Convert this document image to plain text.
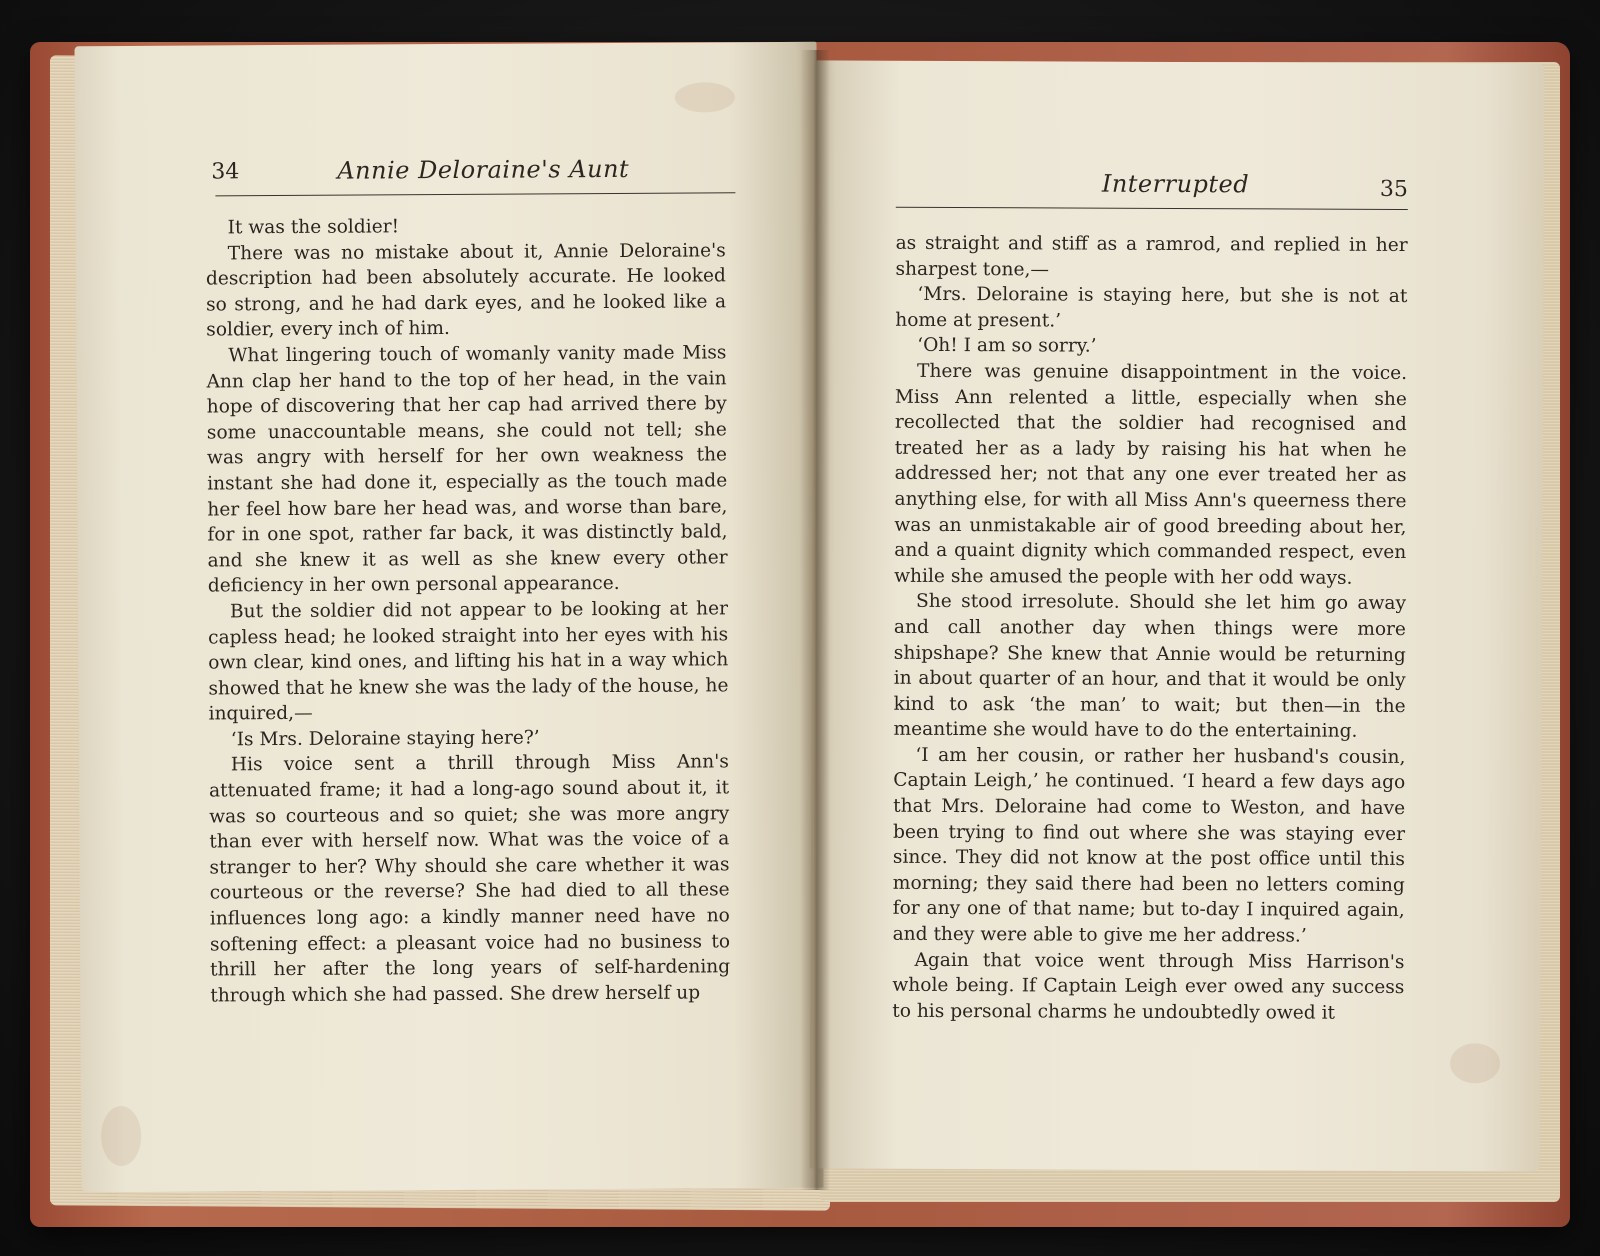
34	Annie Deloraine's Aunt

It was the soldier!

There was no mistake about it, Annie Deloraine's description had been absolutely accurate. He looked so strong, and he had dark eyes, and he looked like a soldier, every inch of him.

What lingering touch of womanly vanity made Miss Ann clap her hand to the top of her head, in the vain hope of discovering that her cap had arrived there by some unaccountable means, she could not tell; she was angry with herself for her own weakness the instant she had done it, especially as the touch made her feel how bare her head was, and worse than bare, for in one spot, rather far back, it was distinctly bald, and she knew it as well as she knew every other deficiency in her own personal appearance.

But the soldier did not appear to be looking at her capless head; he looked straight into her eyes with his own clear, kind ones, and lifting his hat in a way which showed that he knew she was the lady of the house, he inquired,—

‘Is Mrs. Deloraine staying here?’

His voice sent a thrill through Miss Ann's attenuated frame; it had a long-ago sound about it, it was so courteous and so quiet; she was more angry than ever with herself now. What was the voice of a stranger to her? Why should she care whether it was courteous or the reverse? She had died to all these influences long ago: a kindly manner need have no softening effect: a pleasant voice had no business to thrill her after the long years of self-hardening through which she had passed. She drew herself up

Interrupted	35

as straight and stiff as a ramrod, and replied in her sharpest tone,—

‘Mrs. Deloraine is staying here, but she is not at home at present.’

‘Oh! I am so sorry.’

There was genuine disappointment in the voice. Miss Ann relented a little, especially when she recollected that the soldier had recognised and treated her as a lady by raising his hat when he addressed her; not that any one ever treated her as anything else, for with all Miss Ann's queerness there was an unmistakable air of good breeding about her, and a quaint dignity which commanded respect, even while she amused the people with her odd ways.

She stood irresolute. Should she let him go away and call another day when things were more shipshape? She knew that Annie would be returning in about quarter of an hour, and that it would be only kind to ask ‘the man’ to wait; but then—in the meantime she would have to do the entertaining.

‘I am her cousin, or rather her husband's cousin, Captain Leigh,’ he continued. ‘I heard a few days ago that Mrs. Deloraine had come to Weston, and have been trying to find out where she was staying ever since. They did not know at the post office until this morning; they said there had been no letters coming for any one of that name; but to-day I inquired again, and they were able to give me her address.’

Again that voice went through Miss Harrison's whole being. If Captain Leigh ever owed any success to his personal charms he undoubtedly owed it
